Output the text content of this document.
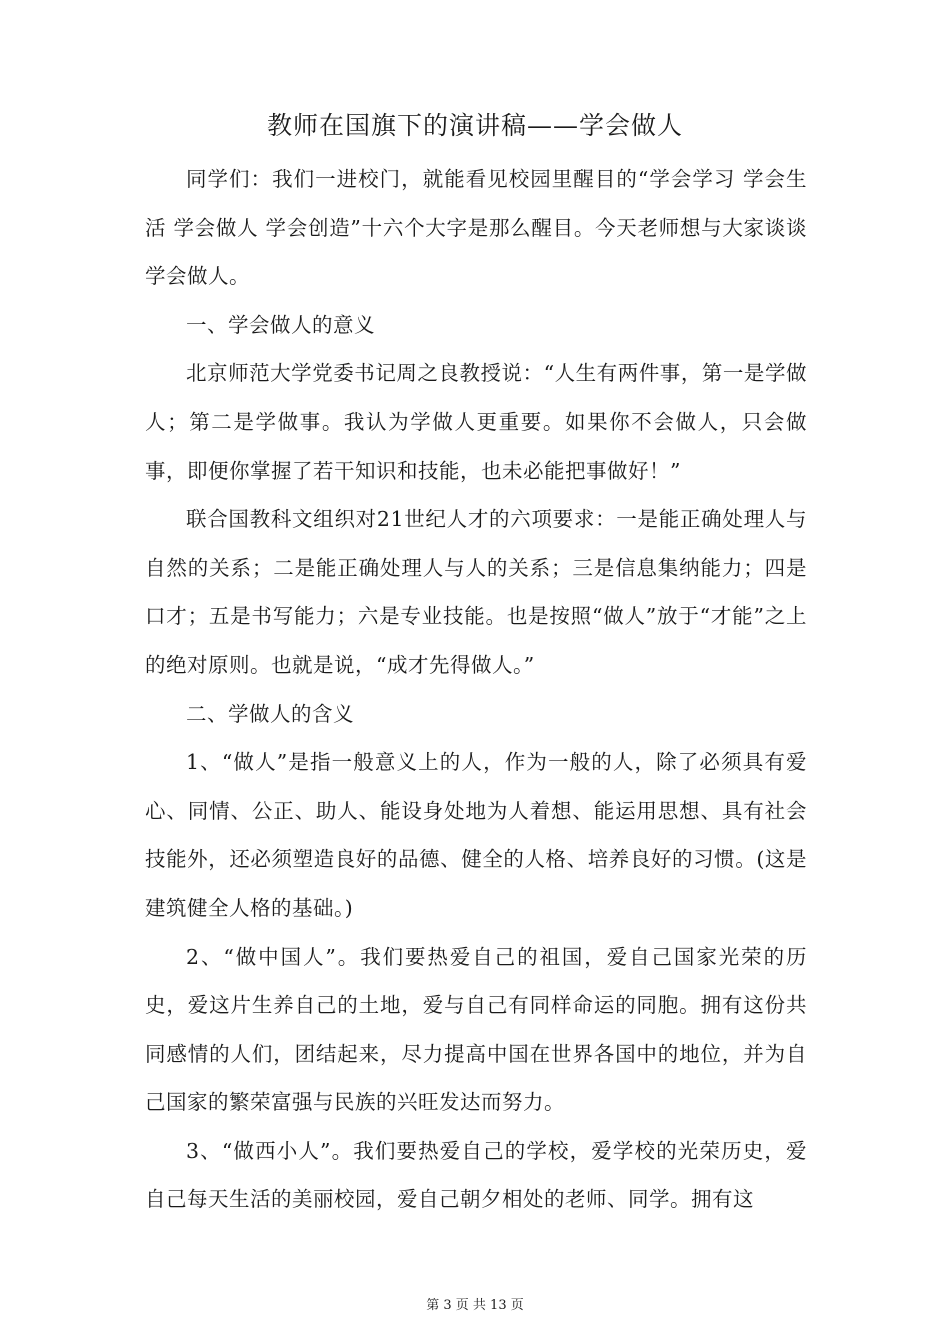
教师在国旗下的演讲稿——学会做人

同学们：我们一进校门，就能看见校园里醒目的“学会学习 学会生活 学会做人 学会创造”十六个大字是那么醒目。今天老师想与大家谈谈学会做人。

一、学会做人的意义

北京师范大学党委书记周之良教授说：“人生有两件事，第一是学做人；第二是学做事。我认为学做人更重要。如果你不会做人，只会做事，即便你掌握了若干知识和技能，也未必能把事做好！”

联合国教科文组织对21世纪人才的六项要求：一是能正确处理人与自然的关系；二是能正确处理人与人的关系；三是信息集纳能力；四是口才；五是书写能力；六是专业技能。也是按照“做人”放于“才能”之上的绝对原则。也就是说，“成才先得做人。”

二、学做人的含义

1、“做人”是指一般意义上的人，作为一般的人，除了必须具有爱心、同情、公正、助人、能设身处地为人着想、能运用思想、具有社会技能外，还必须塑造良好的品德、健全的人格、培养良好的习惯。(这是建筑健全人格的基础。)

2、“做中国人”。我们要热爱自己的祖国，爱自己国家光荣的历史，爱这片生养自己的土地，爱与自己有同样命运的同胞。拥有这份共同感情的人们，团结起来，尽力提高中国在世界各国中的地位，并为自己国家的繁荣富强与民族的兴旺发达而努力。

3、“做西小人”。我们要热爱自己的学校，爱学校的光荣历史，爱自己每天生活的美丽校园，爱自己朝夕相处的老师、同学。拥有这

第 3 页 共 13 页
